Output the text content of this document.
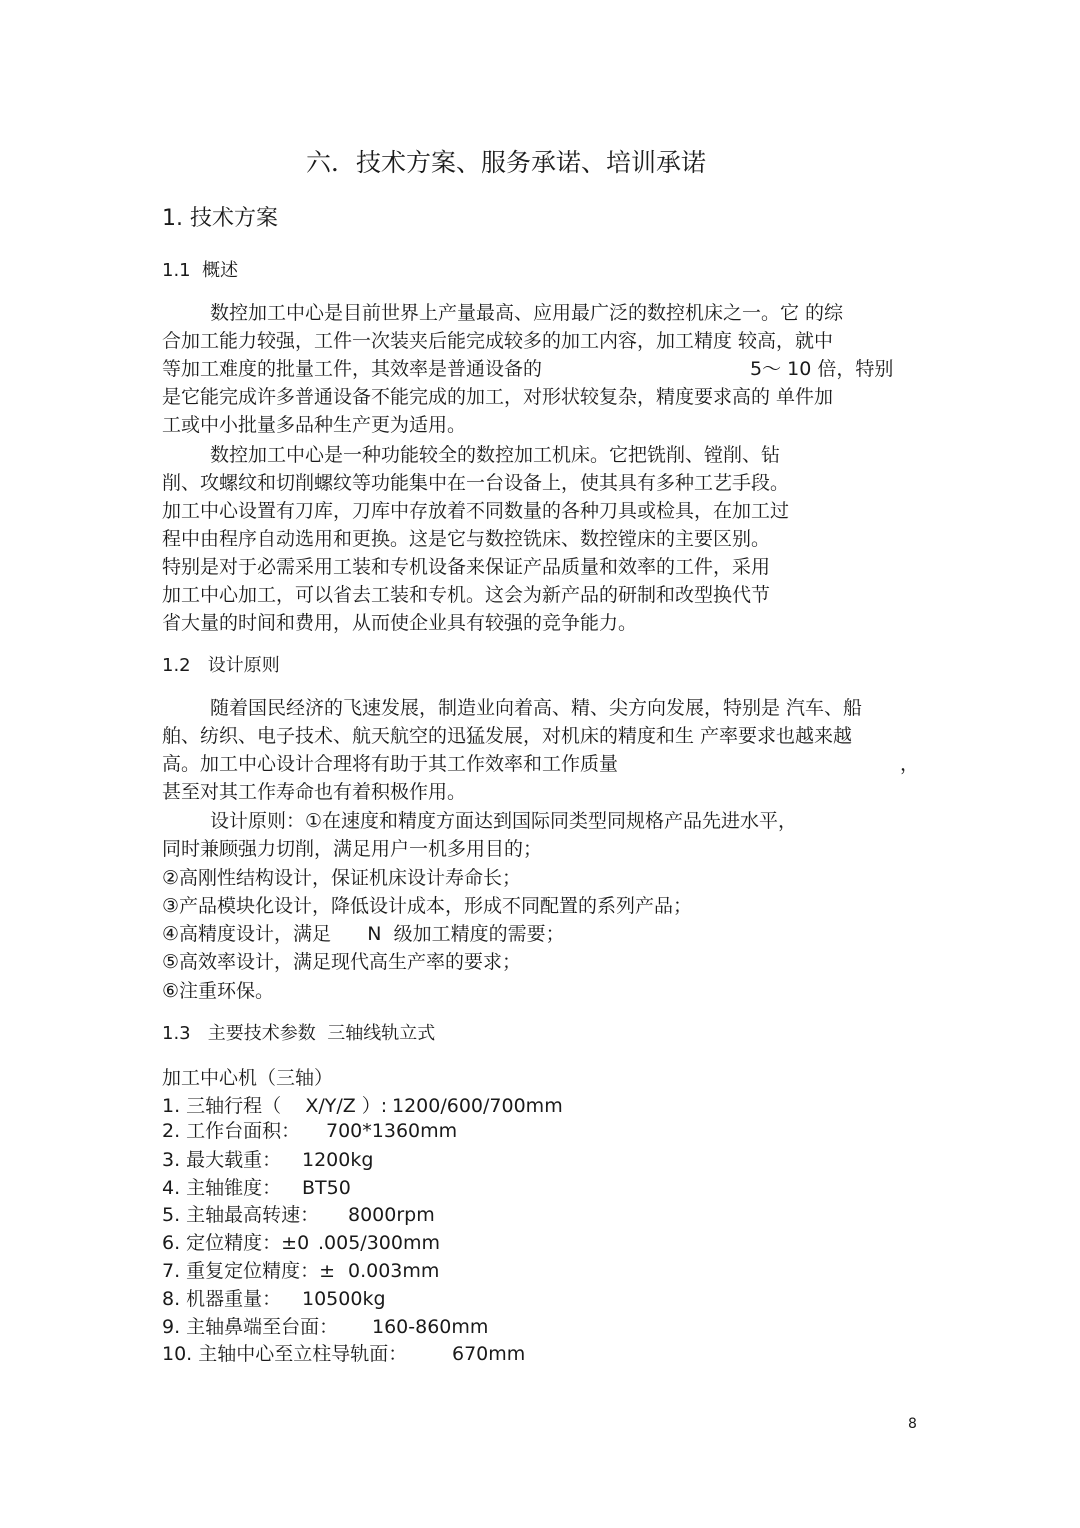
六．技术方案、服务承诺、培训承诺
1. 技术方案
1.1  概述
数控加工中心是目前世界上产量最高、应用最广泛的数控机床之一。它 的综
合加工能力较强，工件一次装夹后能完成较多的加工内容，加工精度 较高，就中
等加工难度的批量工件，其效率是普通设备的	5～ 10 倍，特别
是它能完成许多普通设备不能完成的加工，对形状较复杂，精度要求高的 单件加
工或中小批量多品种生产更为适用。
数控加工中心是一种功能较全的数控加工机床。它把铣削、镗削、钻
削、攻螺纹和切削螺纹等功能集中在一台设备上，使其具有多种工艺手段。
加工中心设置有刀库，刀库中存放着不同数量的各种刀具或检具，在加工过
程中由程序自动选用和更换。这是它与数控铣床、数控镗床的主要区别。
特别是对于必需采用工装和专机设备来保证产品质量和效率的工件，采用
加工中心加工，可以省去工装和专机。这会为新产品的研制和改型换代节
省大量的时间和费用，从而使企业具有较强的竞争能力。
1.2   设计原则
随着国民经济的飞速发展，制造业向着高、精、尖方向发展，特别是 汽车、船
舶、纺织、电子技术、航天航空的迅猛发展，对机床的精度和生 产率要求也越来越
高。加工中心设计合理将有助于其工作效率和工作质量	，
甚至对其工作寿命也有着积极作用。
设计原则：①在速度和精度方面达到国际同类型同规格产品先进水平，
同时兼顾强力切削，满足用户一机多用目的；
②高刚性结构设计，保证机床设计寿命长；
③产品模块化设计，降低设计成本，形成不同配置的系列产品；
④高精度设计，满足      N  级加工精度的需要；
⑤高效率设计，满足现代高生产率的要求；
⑥注重环保。
1.3   主要技术参数  三轴线轨立式
加工中心机（三轴）
1. 三轴行程（    X/Y/Z ）: 1200/600/700mm
2. 工作台面积： 700*1360mm
3. 最大载重： 1200kg
4. 主轴锥度： BT50
5. 主轴最高转速： 8000rpm
6. 定位精度：±0 .005/300mm
7. 重复定位精度：± 0.003mm
8. 机器重量： 10500kg
9. 主轴鼻端至台面： 160-860mm
10. 主轴中心至立柱导轨面： 670mm
8
